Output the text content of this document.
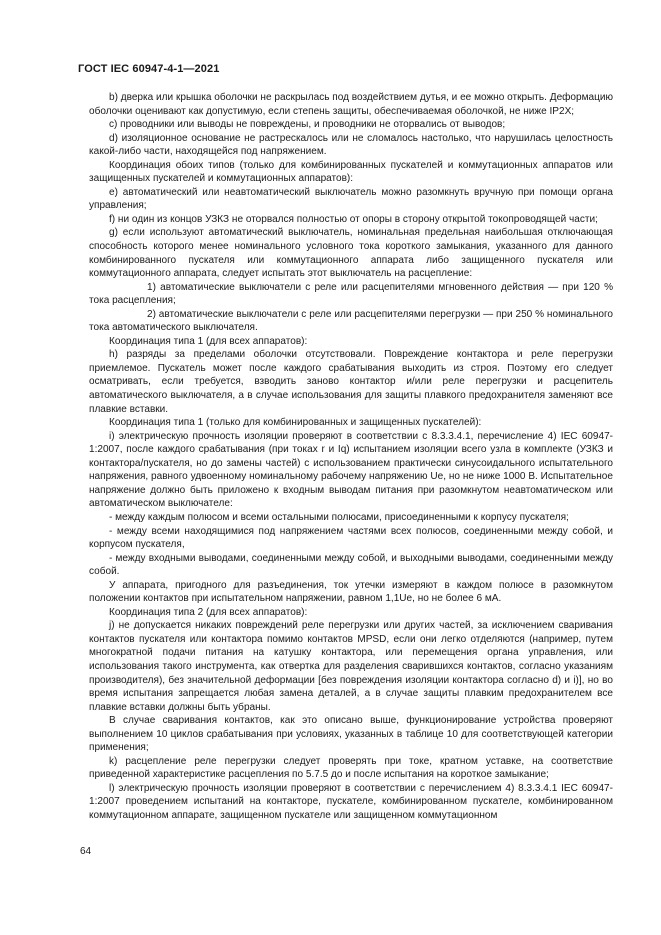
ГОСТ IEC 60947-4-1—2021

b) дверка или крышка оболочки не раскрылась под воздействием дутья, и ее можно открыть. Деформацию оболочки оценивают как допустимую, если степень защиты, обеспечиваемая оболочкой, не ниже IP2X;

c) проводники или выводы не повреждены, и проводники не оторвались от выводов;

d) изоляционное основание не растрескалось или не сломалось настолько, что нарушилась целостность какой-либо части, находящейся под напряжением.

Координация обоих типов (только для комбинированных пускателей и коммутационных аппаратов или защищенных пускателей и коммутационных аппаратов):

e) автоматический или неавтоматический выключатель можно разомкнуть вручную при помощи органа управления;

f) ни один из концов УЗКЗ не оторвался полностью от опоры в сторону открытой токопроводящей части;

g) если используют автоматический выключатель, номинальная предельная наибольшая отключающая способность которого менее номинального условного тока короткого замыкания, указанного для данного комбинированного пускателя или коммутационного аппарата либо защищенного пускателя или коммутационного аппарата, следует испытать этот выключатель на расцепление:

1) автоматические выключатели с реле или расцепителями мгновенного действия — при 120 % тока расцепления;

2) автоматические выключатели с реле или расцепителями перегрузки — при 250 % номинального тока автоматического выключателя.

Координация типа 1 (для всех аппаратов):

h) разряды за пределами оболочки отсутствовали. Повреждение контактора и реле перегрузки приемлемое. Пускатель может после каждого срабатывания выходить из строя. Поэтому его следует осматривать, если требуется, взводить заново контактор и/или реле перегрузки и расцепитель автоматического выключателя, а в случае использования для защиты плавкого предохранителя заменяют все плавкие вставки.

Координация типа 1 (только для комбинированных и защищенных пускателей):

i) электрическую прочность изоляции проверяют в соответствии с 8.3.3.4.1, перечисление 4) IEC 60947-1:2007, после каждого срабатывания (при токах r и Iq) испытанием изоляции всего узла в комплекте (УЗКЗ и контактора/пускателя, но до замены частей) с использованием практически синусоидального испытательного напряжения, равного удвоенному номинальному рабочему напряжению Ue, но не ниже 1000 В. Испытательное напряжение должно быть приложено к входным выводам питания при разомкнутом неавтоматическом или автоматическом выключателе:

- между каждым полюсом и всеми остальными полюсами, присоединенными к корпусу пускателя;

- между всеми находящимися под напряжением частями всех полюсов, соединенными между собой, и корпусом пускателя,

- между входными выводами, соединенными между собой, и выходными выводами, соединенными между собой.

У аппарата, пригодного для разъединения, ток утечки измеряют в каждом полюсе в разомкнутом положении контактов при испытательном напряжении, равном 1,1Ue, но не более 6 мА.

Координация типа 2 (для всех аппаратов):

j) не допускается никаких повреждений реле перегрузки или других частей, за исключением сваривания контактов пускателя или контактора помимо контактов MPSD, если они легко отделяются (например, путем многократной подачи питания на катушку контактора, или перемещения органа управления, или использования такого инструмента, как отвертка для разделения сварившихся контактов, согласно указаниям производителя), без значительной деформации [без повреждения изоляции контактора согласно d) и i)], но во время испытания запрещается любая замена деталей, а в случае защиты плавким предохранителем все плавкие вставки должны быть убраны.

В случае сваривания контактов, как это описано выше, функционирование устройства проверяют выполнением 10 циклов срабатывания при условиях, указанных в таблице 10 для соответствующей категории применения;

k) расцепление реле перегрузки следует проверять при токе, кратном уставке, на соответствие приведенной характеристике расцепления по 5.7.5 до и после испытания на короткое замыкание;

l) электрическую прочность изоляции проверяют в соответствии с перечислением 4) 8.3.3.4.1 IEC 60947-1:2007 проведением испытаний на контакторе, пускателе, комбинированном пускателе, комбинированном коммутационном аппарате, защищенном пускателе или защищенном коммутационном

64
